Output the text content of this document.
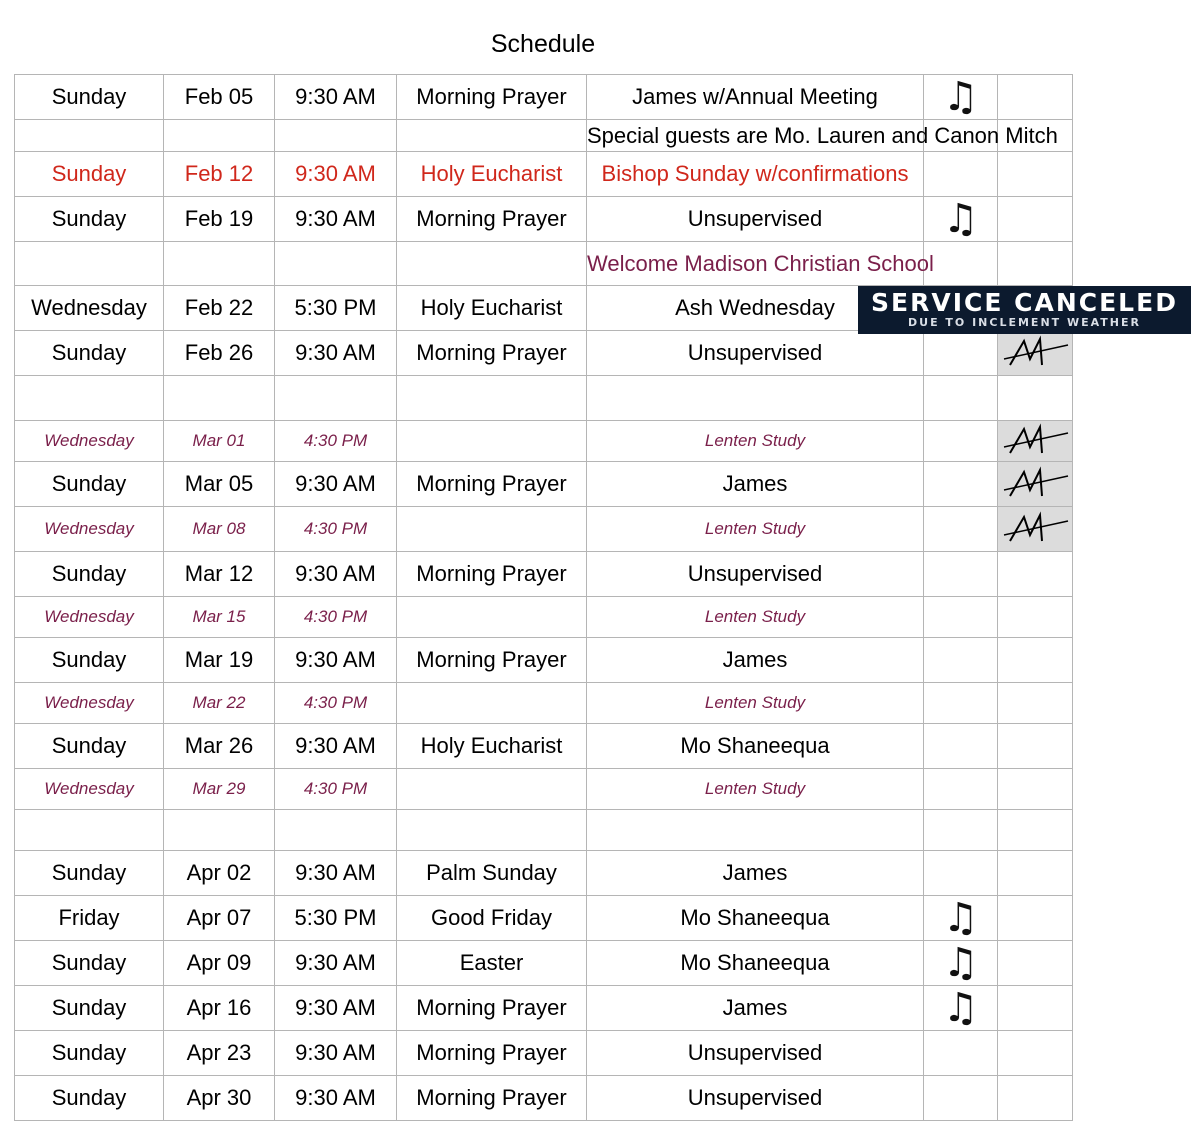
Schedule
Sunday	Feb 05	9:30 AM	Morning Prayer	James w/Annual Meeting	♫	
				Special guests are Mo. Lauren and Canon Mitch		
Sunday	Feb 12	9:30 AM	Holy Eucharist	Bishop Sunday w/confirmations		
Sunday	Feb 19	9:30 AM	Morning Prayer	Unsupervised	♫	
				Welcome Madison Christian School		
Wednesday	Feb 22	5:30 PM	Holy Eucharist	Ash Wednesday		
Sunday	Feb 26	9:30 AM	Morning Prayer	Unsupervised		

Wednesday	Mar 01	4:30 PM		Lenten Study		

Sunday	Mar 05	9:30 AM	Morning Prayer	James		

Wednesday	Mar 08	4:30 PM		Lenten Study		

Sunday	Mar 12	9:30 AM	Morning Prayer	Unsupervised		
Wednesday	Mar 15	4:30 PM		Lenten Study		
Sunday	Mar 19	9:30 AM	Morning Prayer	James		
Wednesday	Mar 22	4:30 PM		Lenten Study		
Sunday	Mar 26	9:30 AM	Holy Eucharist	Mo Shaneequa		
Wednesday	Mar 29	4:30 PM		Lenten Study		

Sunday	Apr 02	9:30 AM	Palm Sunday	James		
Friday	Apr 07	5:30 PM	Good Friday	Mo Shaneequa	♫	
Sunday	Apr 09	9:30 AM	Easter	Mo Shaneequa	♫	
Sunday	Apr 16	9:30 AM	Morning Prayer	James	♫	
Sunday	Apr 23	9:30 AM	Morning Prayer	Unsupervised		
Sunday	Apr 30	9:30 AM	Morning Prayer	Unsupervised		
SERVICE CANCELED
DUE TO INCLEMENT WEATHER
